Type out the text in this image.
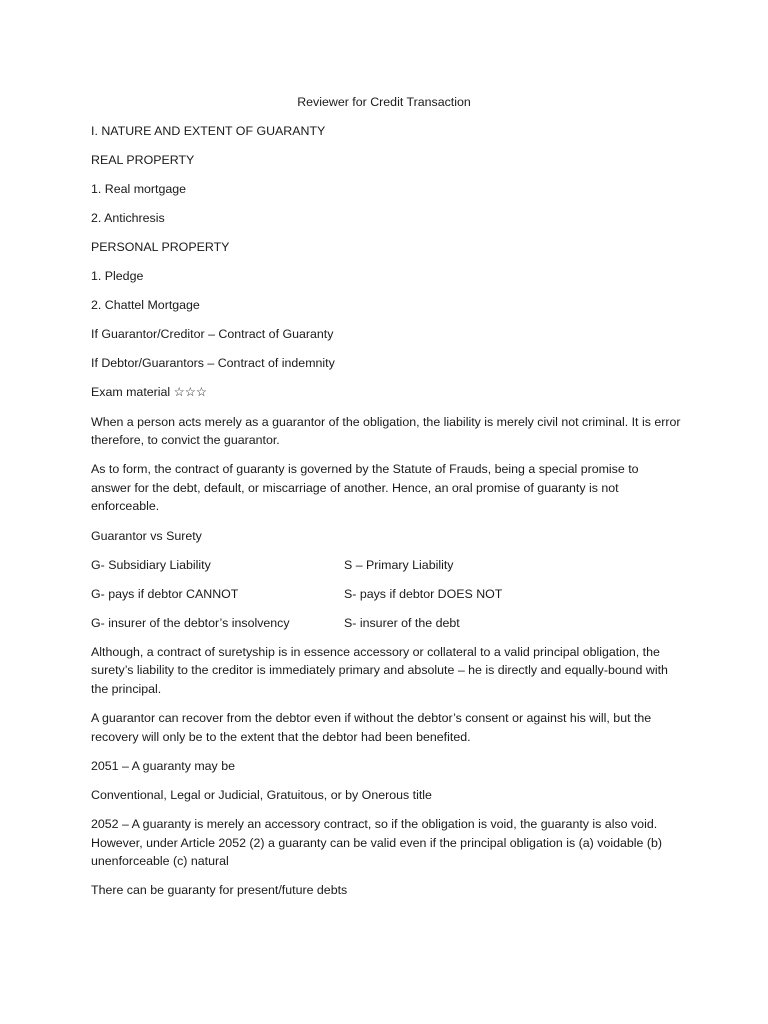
Reviewer for Credit Transaction

I. NATURE AND EXTENT OF GUARANTY

REAL PROPERTY

1. Real mortgage

2. Antichresis

PERSONAL PROPERTY

1. Pledge

2. Chattel Mortgage

If Guarantor/Creditor – Contract of Guaranty

If Debtor/Guarantors – Contract of indemnity

Exam material ☆☆☆

When a person acts merely as a guarantor of the obligation, the liability is merely civil not criminal. It is error therefore, to convict the guarantor.

As to form, the contract of guaranty is governed by the Statute of Frauds, being a special promise to answer for the debt, default, or miscarriage of another. Hence, an oral promise of guaranty is not enforceable.

Guarantor vs Surety

G- Subsidiary Liability	S – Primary Liability
G- pays if debtor CANNOT	S- pays if debtor DOES NOT
G- insurer of the debtor’s insolvency	S- insurer of the debt

Although, a contract of suretyship is in essence accessory or collateral to a valid principal obligation, the surety’s liability to the creditor is immediately primary and absolute – he is directly and equally-bound with the principal.

A guarantor can recover from the debtor even if without the debtor’s consent or against his will, but the recovery will only be to the extent that the debtor had been benefited.

2051 – A guaranty may be

Conventional, Legal or Judicial, Gratuitous, or by Onerous title

2052 – A guaranty is merely an accessory contract, so if the obligation is void, the guaranty is also void. However, under Article 2052 (2) a guaranty can be valid even if the principal obligation is (a) voidable (b) unenforceable (c) natural

There can be guaranty for present/future debts
